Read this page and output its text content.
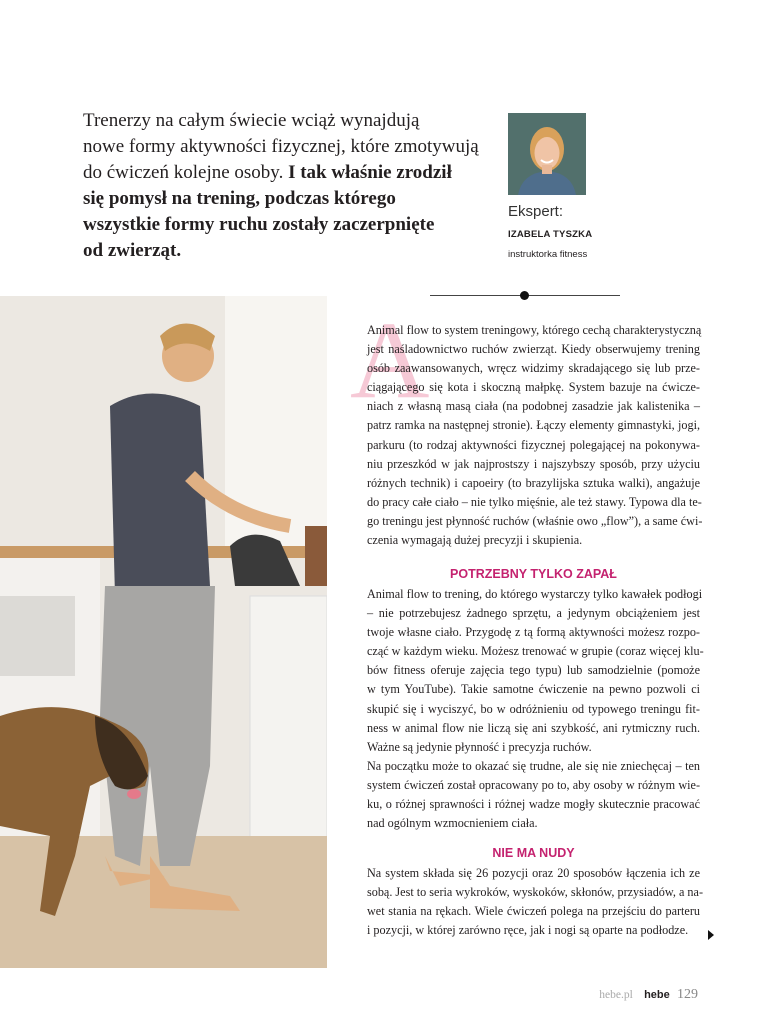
Trenerzy na całym świecie wciąż wynajdują
nowe formy aktywności fizycznej, które zmotywują
do ćwiczeń kolejne osoby. I tak właśnie zrodził
się pomysł na trening, podczas którego
wszystkie formy ruchu zostały zaczerpnięte
od zwierząt.
Ekspert:
IZABELA TYSZKA
instruktorka fitness
A
Animal flow to system treningowy, którego cechą charakterystyczną
jest naśladownictwo ruchów zwierząt. Kiedy obserwujemy trening
osób zaawansowanych, wręcz widzimy skradającego się lub prze-
ciągającego się kota i skoczną małpkę. System bazuje na ćwicze-
niach z własną masą ciała (na podobnej zasadzie jak kalistenika –
patrz ramka na następnej stronie). Łączy elementy gimnastyki, jogi,
parkuru (to rodzaj aktywności fizycznej polegającej na pokonywa-
niu przeszkód w jak najprostszy i najszybszy sposób, przy użyciu
różnych technik) i capoeiry (to brazylijska sztuka walki), angażuje
do pracy całe ciało – nie tylko mięśnie, ale też stawy. Typowa dla te-
go treningu jest płynność ruchów (właśnie owo „flow”), a same ćwi-
czenia wymagają dużej precyzji i skupienia.
POTRZEBNY TYLKO ZAPAŁ
Animal flow to trening, do którego wystarczy tylko kawałek podłogi
– nie potrzebujesz żadnego sprzętu, a jedynym obciążeniem jest
twoje własne ciało. Przygodę z tą formą aktywności możesz rozpo-
cząć w każdym wieku. Możesz trenować w grupie (coraz więcej klu-
bów fitness oferuje zajęcia tego typu) lub samodzielnie (pomoże
w tym YouTube). Takie samotne ćwiczenie na pewno pozwoli ci
skupić się i wyciszyć, bo w odróżnieniu od typowego treningu fit-
ness w animal flow nie liczą się ani szybkość, ani rytmiczny ruch.
Ważne są jedynie płynność i precyzja ruchów.
Na początku może to okazać się trudne, ale się nie zniechęcaj – ten
system ćwiczeń został opracowany po to, aby osoby w różnym wie-
ku, o różnej sprawności i różnej wadze mogły skutecznie pracować
nad ogólnym wzmocnieniem ciała.
NIE MA NUDY
Na system składa się 26 pozycji oraz 20 sposobów łączenia ich ze
sobą. Jest to seria wykroków, wyskoków, skłonów, przysiadów, a na-
wet stania na rękach. Wiele ćwiczeń polega na przejściu do parteru
i pozycji, w której zarówno ręce, jak i nogi są oparte na podłodze.
hebe.pl hebe 129
